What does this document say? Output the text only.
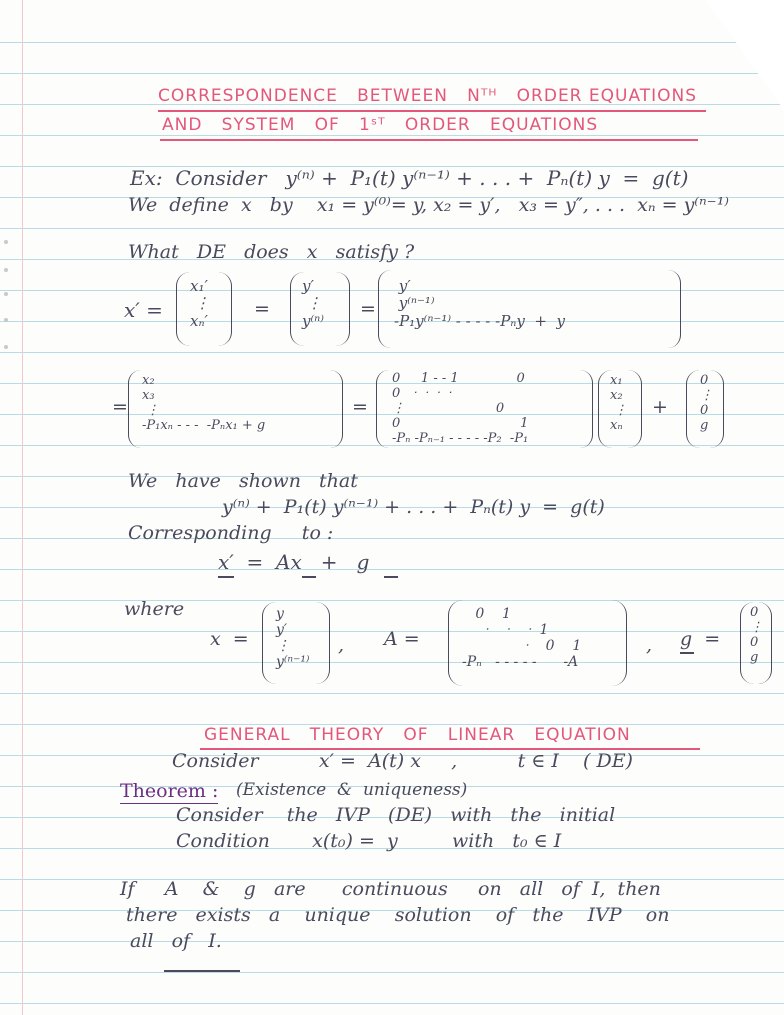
CORRESPONDENCE   BETWEEN   Nᵀᴴ   ORDER EQUATIONS
AND   SYSTEM   OF   1ˢᵀ   ORDER   EQUATIONS
Ex:  Consider   y⁽ⁿ⁾ +  P₁(t) y⁽ⁿ⁻¹⁾ + . . . +  Pₙ(t) y  =  g(t)
We  define  x   by    x₁ = y⁽⁰⁾= y, x₂ = y′,   x₃ = y″, . . .  xₙ = y⁽ⁿ⁻¹⁾
What   DE   does   x   satisfy ?
x′ =
x₁′
⋮
xₙ′
=
y′
⋮
y⁽ⁿ⁾
=
y′
y⁽ⁿ⁻¹⁾
-P₁y⁽ⁿ⁻¹⁾ - - - - -Pₙy  +  y
=
x₂
x₃
⋮
-P₁xₙ - - -  -Pₙx₁ + g
=
0     1 - - 1              0
0   ᐧ  ᐧ  ᐧ  ᐧ
⋮                      0
0                             1
-Pₙ -Pₙ₋₁ - - - - -P₂  -P₁
x₁
x₂
⋮
xₙ
+
0
⋮
0
g
We   have   shown   that
y⁽ⁿ⁾ +  P₁(t) y⁽ⁿ⁻¹⁾ + . . . +  Pₙ(t) y  =  g(t)
Corresponding     to :
x′  =  Ax   +   g
where
x  =
y
y′
⋮
y⁽ⁿ⁻¹⁾
, A =
0    1
ᐧ    ᐧ    ᐧ  1
ᐧ    0    1
-Pₙ   - - - - -      -A
, g  =
0
⋮
0
g
GENERAL   THEORY   OF   LINEAR   EQUATION
Consider          x′ =  A(t) x     ,          t ∈ I    ( DE)
Theorem : (Existence  &  uniqueness)
Consider    the   IVP   (DE)   with   the   initial
Condition       x(t₀) =  y         with   t₀ ∈ I
If     A    &    g   are      continuous     on   all   of  I,  then
there   exists   a    unique    solution    of   the    IVP    on
all   of   I.
